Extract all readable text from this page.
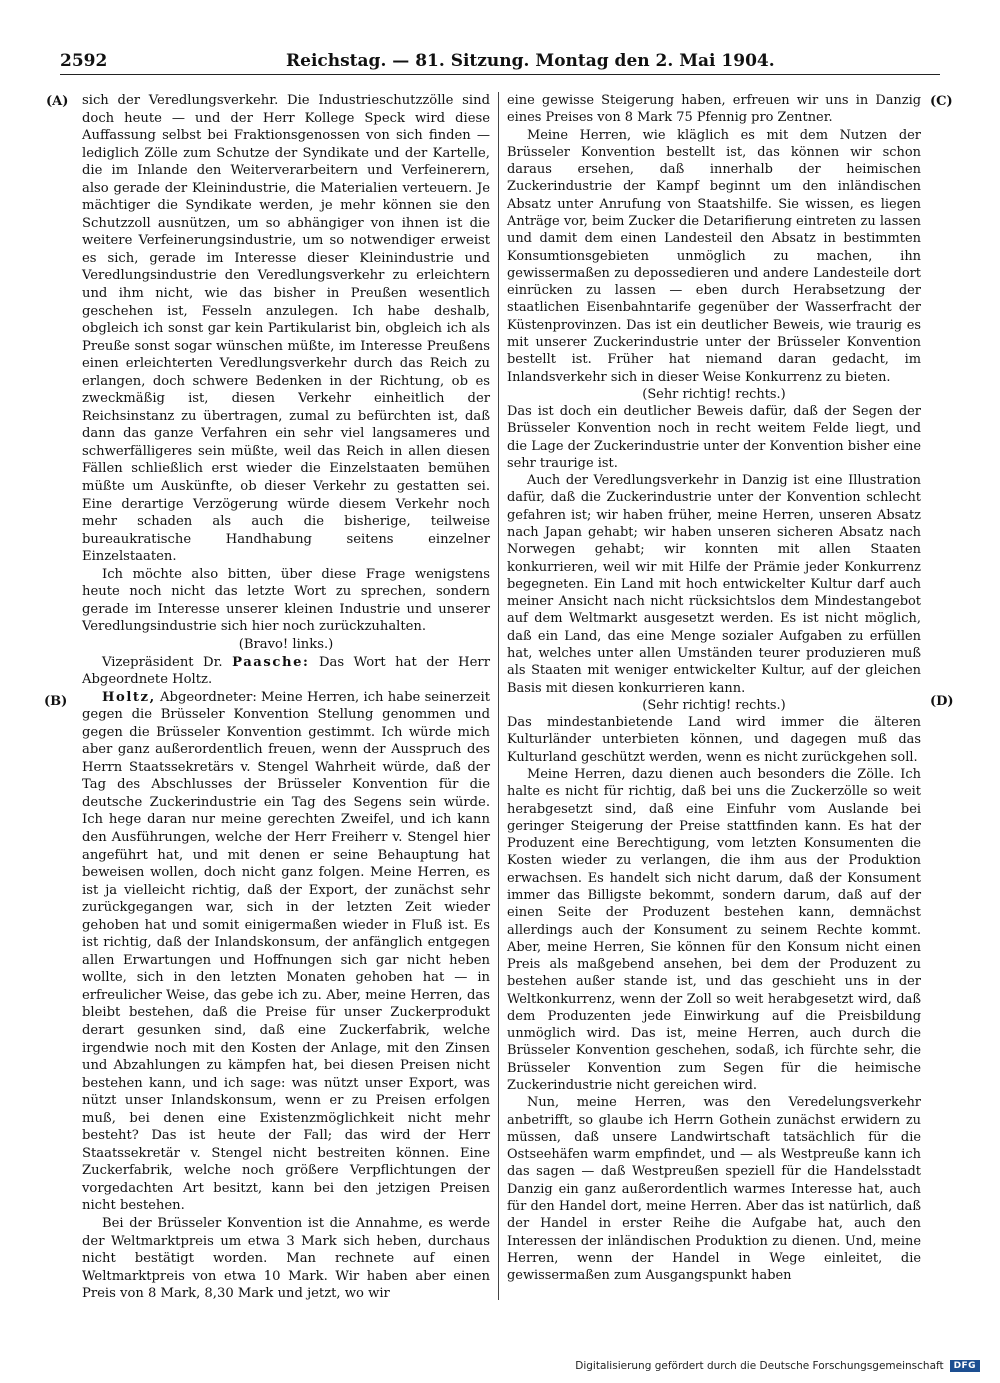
2592	Reichstag. — 81. Sitzung. Montag den 2. Mai 1904.
(A)
(B)
(C)
(D)

sich der Veredlungsverkehr. Die Industrieschutzzölle sind doch heute — und der Herr Kollege Speck wird diese Auffassung selbst bei Fraktionsgenossen von sich finden — lediglich Zölle zum Schutze der Syndikate und der Kartelle, die im Inlande den Weiterverarbeitern und Verfeinerern, also gerade der Kleinindustrie, die Materialien verteuern. Je mächtiger die Syndikate werden, je mehr können sie den Schutzzoll ausnützen, um so abhängiger von ihnen ist die weitere Verfeinerungsindustrie, um so notwendiger erweist es sich, gerade im Interesse dieser Kleinindustrie und Veredlungsindustrie den Veredlungsverkehr zu erleichtern und ihm nicht, wie das bisher in Preußen wesentlich geschehen ist, Fesseln anzulegen. Ich habe deshalb, obgleich ich sonst gar kein Partikularist bin, obgleich ich als Preuße sonst sogar wünschen müßte, im Interesse Preußens einen erleichterten Veredlungsverkehr durch das Reich zu erlangen, doch schwere Bedenken in der Richtung, ob es zweckmäßig ist, diesen Verkehr einheitlich der Reichsinstanz zu übertragen, zumal zu befürchten ist, daß dann das ganze Verfahren ein sehr viel langsameres und schwerfälligeres sein müßte, weil das Reich in allen diesen Fällen schließlich erst wieder die Einzelstaaten bemühen müßte um Auskünfte, ob dieser Verkehr zu gestatten sei. Eine derartige Verzögerung würde diesem Verkehr noch mehr schaden als auch die bisherige, teilweise bureaukratische Handhabung seitens einzelner Einzelstaaten.

Ich möchte also bitten, über diese Frage wenigstens heute noch nicht das letzte Wort zu sprechen, sondern gerade im Interesse unserer kleinen Industrie und unserer Veredlungsindustrie sich hier noch zurückzuhalten.

(Bravo! links.)

Vizepräsident Dr. Paasche: Das Wort hat der Herr Abgeordnete Holtz.

Holtz, Abgeordneter: Meine Herren, ich habe seinerzeit gegen die Brüsseler Konvention Stellung genommen und gegen die Brüsseler Konvention gestimmt. Ich würde mich aber ganz außerordentlich freuen, wenn der Ausspruch des Herrn Staatssekretärs v. Stengel Wahrheit würde, daß der Tag des Abschlusses der Brüsseler Konvention für die deutsche Zuckerindustrie ein Tag des Segens sein würde. Ich hege daran nur meine gerechten Zweifel, und ich kann den Ausführungen, welche der Herr Freiherr v. Stengel hier angeführt hat, und mit denen er seine Behauptung hat beweisen wollen, doch nicht ganz folgen. Meine Herren, es ist ja vielleicht richtig, daß der Export, der zunächst sehr zurückgegangen war, sich in der letzten Zeit wieder gehoben hat und somit einigermaßen wieder in Fluß ist. Es ist richtig, daß der Inlandskonsum, der anfänglich entgegen allen Erwartungen und Hoffnungen sich gar nicht heben wollte, sich in den letzten Monaten gehoben hat — in erfreulicher Weise, das gebe ich zu. Aber, meine Herren, das bleibt bestehen, daß die Preise für unser Zuckerprodukt derart gesunken sind, daß eine Zuckerfabrik, welche irgendwie noch mit den Kosten der Anlage, mit den Zinsen und Abzahlungen zu kämpfen hat, bei diesen Preisen nicht bestehen kann, und ich sage: was nützt unser Export, was nützt unser Inlandskonsum, wenn er zu Preisen erfolgen muß, bei denen eine Existenzmöglichkeit nicht mehr besteht? Das ist heute der Fall; das wird der Herr Staatssekretär v. Stengel nicht bestreiten können. Eine Zuckerfabrik, welche noch größere Verpflichtungen der vorgedachten Art besitzt, kann bei den jetzigen Preisen nicht bestehen.

Bei der Brüsseler Konvention ist die Annahme, es werde der Weltmarktpreis um etwa 3 Mark sich heben, durchaus nicht bestätigt worden. Man rechnete auf einen Weltmarktpreis von etwa 10 Mark. Wir haben aber einen Preis von 8 Mark, 8,30 Mark und jetzt, wo wir

eine gewisse Steigerung haben, erfreuen wir uns in Danzig eines Preises von 8 Mark 75 Pfennig pro Zentner.

Meine Herren, wie kläglich es mit dem Nutzen der Brüsseler Konvention bestellt ist, das können wir schon daraus ersehen, daß innerhalb der heimischen Zuckerindustrie der Kampf beginnt um den inländischen Absatz unter Anrufung von Staatshilfe. Sie wissen, es liegen Anträge vor, beim Zucker die Detarifierung eintreten zu lassen und damit dem einen Landesteil den Absatz in bestimmten Konsumtionsgebieten unmöglich zu machen, ihn gewissermaßen zu depossedieren und andere Landesteile dort einrücken zu lassen — eben durch Herabsetzung der staatlichen Eisenbahntarife gegenüber der Wasserfracht der Küstenprovinzen. Das ist ein deutlicher Beweis, wie traurig es mit unserer Zuckerindustrie unter der Brüsseler Konvention bestellt ist. Früher hat niemand daran gedacht, im Inlandsverkehr sich in dieser Weise Konkurrenz zu bieten.

(Sehr richtig! rechts.)

Das ist doch ein deutlicher Beweis dafür, daß der Segen der Brüsseler Konvention noch in recht weitem Felde liegt, und die Lage der Zuckerindustrie unter der Konvention bisher eine sehr traurige ist.

Auch der Veredlungsverkehr in Danzig ist eine Illustration dafür, daß die Zuckerindustrie unter der Konvention schlecht gefahren ist; wir haben früher, meine Herren, unseren Absatz nach Japan gehabt; wir haben unseren sicheren Absatz nach Norwegen gehabt; wir konnten mit allen Staaten konkurrieren, weil wir mit Hilfe der Prämie jeder Konkurrenz begegneten. Ein Land mit hoch entwickelter Kultur darf auch meiner Ansicht nach nicht rücksichtslos dem Mindestangebot auf dem Weltmarkt ausgesetzt werden. Es ist nicht möglich, daß ein Land, das eine Menge sozialer Aufgaben zu erfüllen hat, welches unter allen Umständen teurer produzieren muß als Staaten mit weniger entwickelter Kultur, auf der gleichen Basis mit diesen konkurrieren kann.

(Sehr richtig! rechts.)

Das mindestanbietende Land wird immer die älteren Kulturländer unterbieten können, und dagegen muß das Kulturland geschützt werden, wenn es nicht zurückgehen soll.

Meine Herren, dazu dienen auch besonders die Zölle. Ich halte es nicht für richtig, daß bei uns die Zuckerzölle so weit herabgesetzt sind, daß eine Einfuhr vom Auslande bei geringer Steigerung der Preise stattfinden kann. Es hat der Produzent eine Berechtigung, vom letzten Konsumenten die Kosten wieder zu verlangen, die ihm aus der Produktion erwachsen. Es handelt sich nicht darum, daß der Konsument immer das Billigste bekommt, sondern darum, daß auf der einen Seite der Produzent bestehen kann, demnächst allerdings auch der Konsument zu seinem Rechte kommt. Aber, meine Herren, Sie können für den Konsum nicht einen Preis als maßgebend ansehen, bei dem der Produzent zu bestehen außer stande ist, und das geschieht uns in der Weltkonkurrenz, wenn der Zoll so weit herabgesetzt wird, daß dem Produzenten jede Einwirkung auf die Preisbildung unmöglich wird. Das ist, meine Herren, auch durch die Brüsseler Konvention geschehen, sodaß, ich fürchte sehr, die Brüsseler Konvention zum Segen für die heimische Zuckerindustrie nicht gereichen wird.

Nun, meine Herren, was den Veredelungsverkehr anbetrifft, so glaube ich Herrn Gothein zunächst erwidern zu müssen, daß unsere Landwirtschaft tatsächlich für die Ostseehäfen warm empfindet, und — als Westpreuße kann ich das sagen — daß Westpreußen speziell für die Handelsstadt Danzig ein ganz außerordentlich warmes Interesse hat, auch für den Handel dort, meine Herren. Aber das ist natürlich, daß der Handel in erster Reihe die Aufgabe hat, auch den Interessen der inländischen Produktion zu dienen. Und, meine Herren, wenn der Handel in Wege einleitet, die gewissermaßen zum Ausgangspunkt haben

Digitalisierung gefördert durch die Deutsche Forschungsgemeinschaft	DFG
